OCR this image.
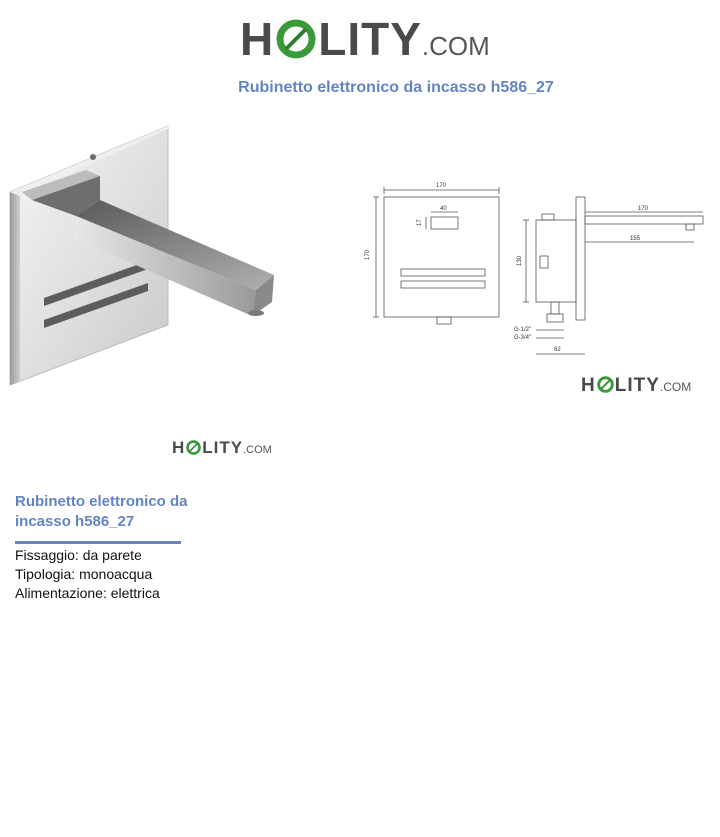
H LITY .COM
Rubinetto elettronico da incasso h586_27
170
170
40
17
170
155
130
62
G-1/2"
G-3/4"
H LITY .COM
H LITY .COM
Rubinetto elettronico da incasso h586_27
Fissaggio: da parete
Tipologia: monoacqua
Alimentazione: elettrica
